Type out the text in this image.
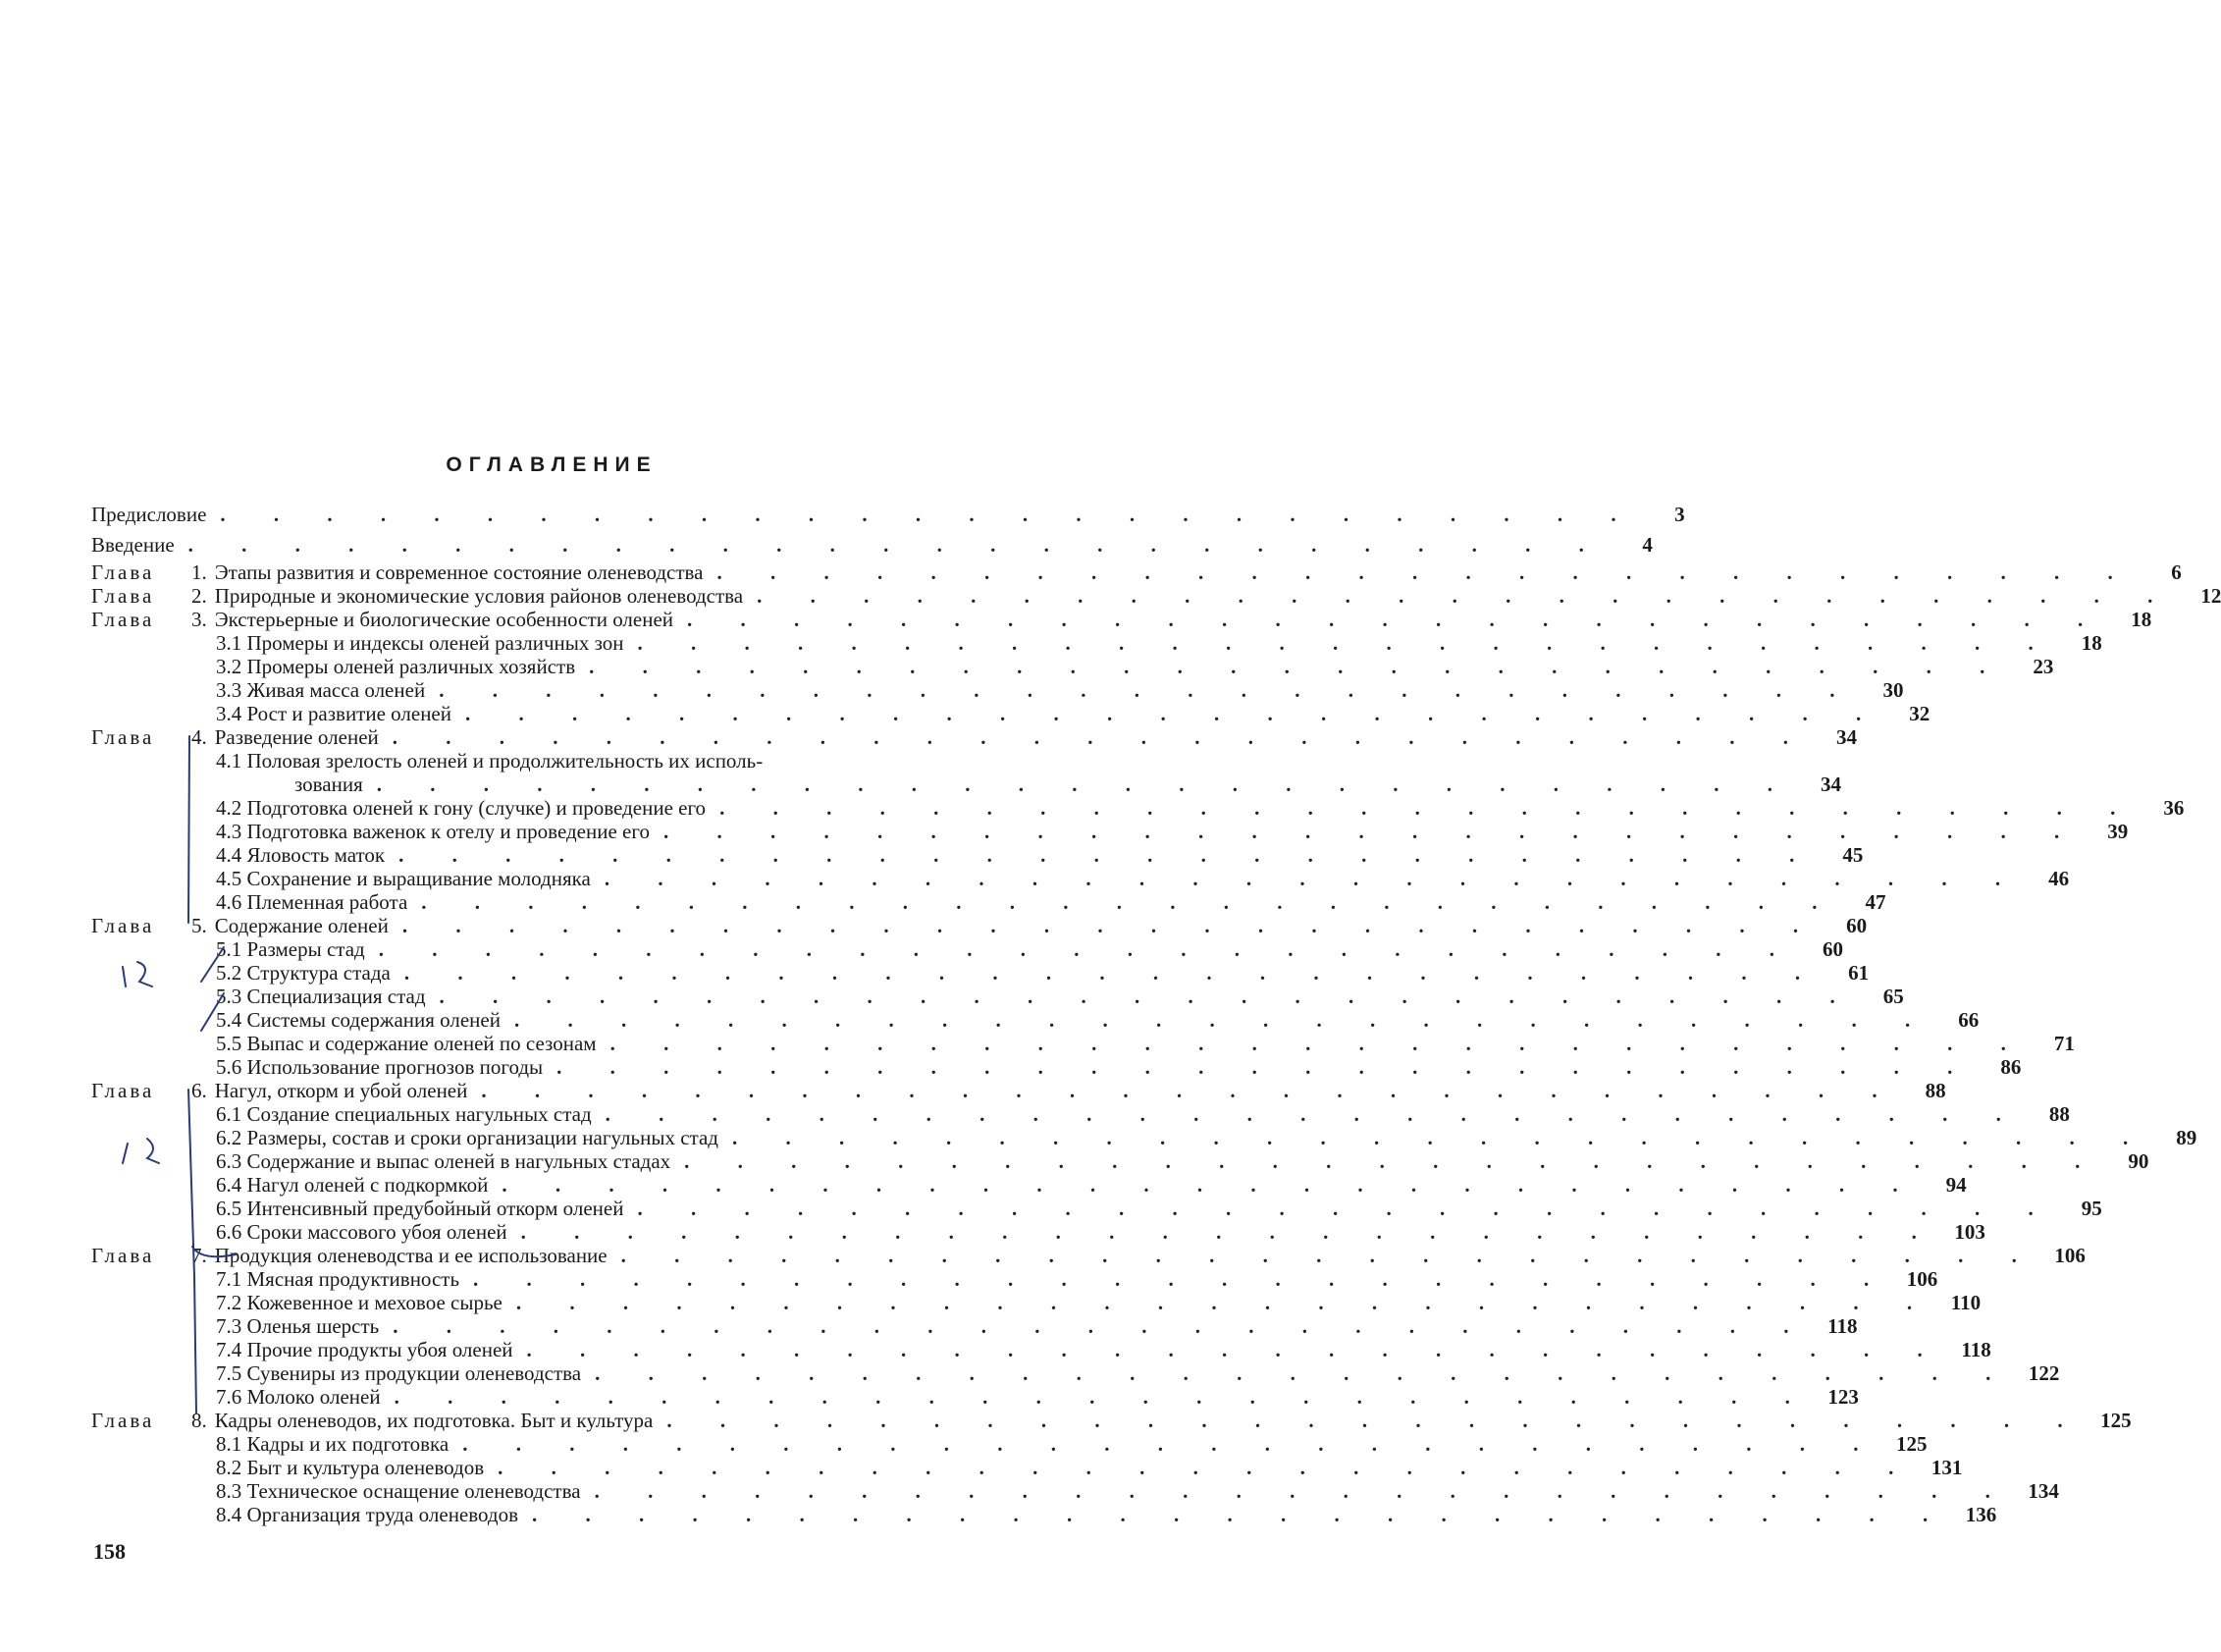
ОГЛАВЛЕНИЕ
Предисловие . . . . . . . . . . . . . . . . . . . . . . . . . . .	3
Введение . . . . . . . . . . . . . . . . . . . . . . . . . . .	4
Глава	1. Этапы развития и современное состояние оленеводства . . . . . . . . . . . . . . . . . . . . . . . . . . .	6
Глава	2. Природные и экономические условия районов оленеводства . . . . . . . . . . . . . . . . . . . . . . . . . . .	12
Глава	3. Экстерьерные и биологические особенности оленей . . . . . . . . . . . . . . . . . . . . . . . . . . .	18
3.1 Промеры и индексы оленей различных зон . . . . . . . . . . . . . . . . . . . . . . . . . . .	18
3.2 Промеры оленей различных хозяйств . . . . . . . . . . . . . . . . . . . . . . . . . . .	23
3.3 Живая масса оленей . . . . . . . . . . . . . . . . . . . . . . . . . . .	30
3.4 Рост и развитие оленей . . . . . . . . . . . . . . . . . . . . . . . . . . .	32
Глава	4. Разведение оленей . . . . . . . . . . . . . . . . . . . . . . . . . . .	34
4.1 Половая зрелость оленей и продолжительность их исполь-
зования . . . . . . . . . . . . . . . . . . . . . . . . . . .	34
4.2 Подготовка оленей к гону (случке) и проведение его . . . . . . . . . . . . . . . . . . . . . . . . . . .	36
4.3 Подготовка важенок к отелу и проведение его . . . . . . . . . . . . . . . . . . . . . . . . . . .	39
4.4 Яловость маток . . . . . . . . . . . . . . . . . . . . . . . . . . .	45
4.5 Сохранение и выращивание молодняка . . . . . . . . . . . . . . . . . . . . . . . . . . .	46
4.6 Племенная работа . . . . . . . . . . . . . . . . . . . . . . . . . . .	47
Глава	5. Содержание оленей . . . . . . . . . . . . . . . . . . . . . . . . . . .	60
5.1 Размеры стад . . . . . . . . . . . . . . . . . . . . . . . . . . .	60
5.2 Структура стада . . . . . . . . . . . . . . . . . . . . . . . . . . .	61
5.3 Специализация стад . . . . . . . . . . . . . . . . . . . . . . . . . . .	65
5.4 Системы содержания оленей . . . . . . . . . . . . . . . . . . . . . . . . . . .	66
5.5 Выпас и содержание оленей по сезонам . . . . . . . . . . . . . . . . . . . . . . . . . . .	71
5.6 Использование прогнозов погоды . . . . . . . . . . . . . . . . . . . . . . . . . . .	86
Глава	6. Нагул, откорм и убой оленей . . . . . . . . . . . . . . . . . . . . . . . . . . .	88
6.1 Создание специальных нагульных стад . . . . . . . . . . . . . . . . . . . . . . . . . . .	88
6.2 Размеры, состав и сроки организации нагульных стад . . . . . . . . . . . . . . . . . . . . . . . . . . .	89
6.3 Содержание и выпас оленей в нагульных стадах . . . . . . . . . . . . . . . . . . . . . . . . . . .	90
6.4 Нагул оленей с подкормкой . . . . . . . . . . . . . . . . . . . . . . . . . . .	94
6.5 Интенсивный предубойный откорм оленей . . . . . . . . . . . . . . . . . . . . . . . . . . .	95
6.6 Сроки массового убоя оленей . . . . . . . . . . . . . . . . . . . . . . . . . . . 103
Глава	7. Продукция оленеводства и ее использование . . . . . . . . . . . . . . . . . . . . . . . . . . . 106
7.1 Мясная продуктивность . . . . . . . . . . . . . . . . . . . . . . . . . . . 106
7.2 Кожевенное и меховое сырье . . . . . . . . . . . . . . . . . . . . . . . . . . . 110
7.3 Оленья шерсть . . . . . . . . . . . . . . . . . . . . . . . . . . . 118
7.4 Прочие продукты убоя оленей . . . . . . . . . . . . . . . . . . . . . . . . . . . 118
7.5 Сувениры из продукции оленеводства . . . . . . . . . . . . . . . . . . . . . . . . . . . 122
7.6 Молоко оленей . . . . . . . . . . . . . . . . . . . . . . . . . . . 123
Глава	8. Кадры оленеводов, их подготовка. Быт и культура . . . . . . . . . . . . . . . . . . . . . . . . . . . 125
8.1 Кадры и их подготовка . . . . . . . . . . . . . . . . . . . . . . . . . . . 125
8.2 Быт и культура оленеводов . . . . . . . . . . . . . . . . . . . . . . . . . . . 131
8.3 Техническое оснащение оленеводства . . . . . . . . . . . . . . . . . . . . . . . . . . . 134
8.4 Организация труда оленеводов . . . . . . . . . . . . . . . . . . . . . . . . . . . 136
158
